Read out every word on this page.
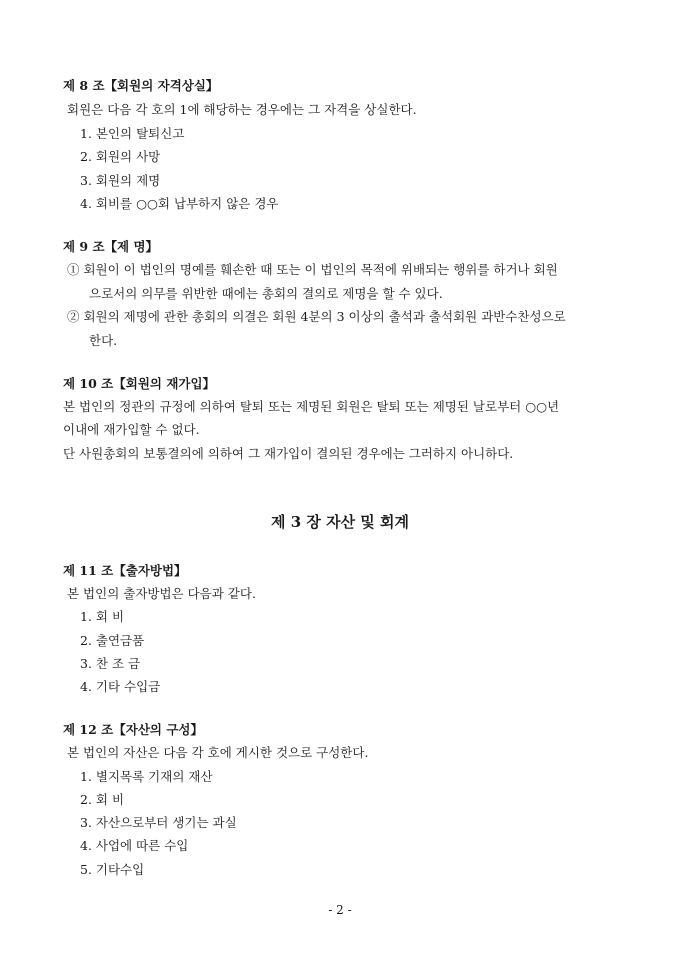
제 8 조【회원의 자격상실】
회원은 다음 각 호의 1에 해당하는 경우에는 그 자격을 상실한다.
1. 본인의 탈퇴신고
2. 회원의 사망
3. 회원의 제명
4. 회비를 ○○회 납부하지 않은 경우
제 9 조【제 명】
① 회원이 이 법인의 명예를 훼손한 때 또는 이 법인의 목적에 위배되는 행위를 하거나 회원
으로서의 의무를 위반한 때에는 총회의 결의로 제명을 할 수 있다.
② 회원의 제명에 관한 총회의 의결은 회원 4분의 3 이상의 출석과 출석회원 과반수찬성으로
한다.
제 10 조【회원의 재가입】
본 법인의 정관의 규정에 의하여 탈퇴 또는 제명된 회원은 탈퇴 또는 제명된 날로부터 ○○년
이내에 재가입할 수 없다.
단 사원총회의 보통결의에 의하여 그 재가입이 결의된 경우에는 그러하지 아니하다.
제 3 장 자산 및 회계
제 11 조【출자방법】
본 법인의 출자방법은 다음과 같다.
1. 회 비
2. 출연금품
3. 찬 조 금
4. 기타 수입금
제 12 조【자산의 구성】
본 법인의 자산은 다음 각 호에 게시한 것으로 구성한다.
1. 별지목록 기재의 재산
2. 회 비
3. 자산으로부터 생기는 과실
4. 사업에 따른 수입
5. 기타수입
- 2 -
